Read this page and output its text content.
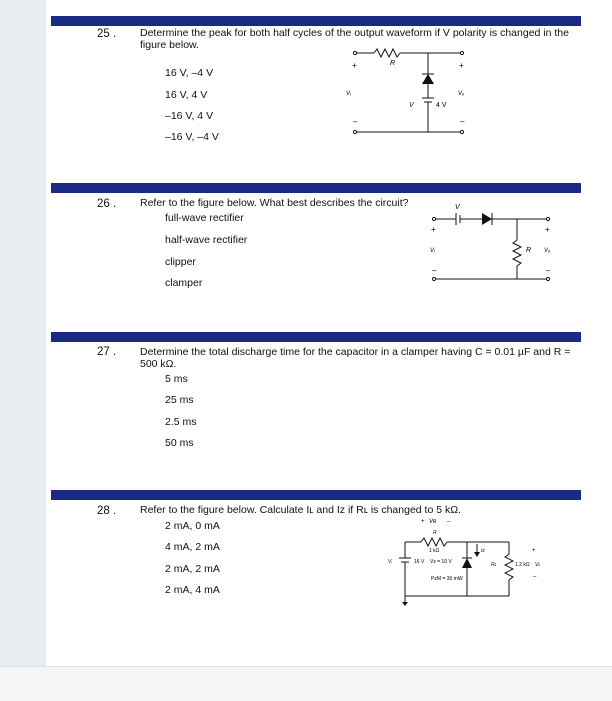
25 . Determine the peak for both half cycles of the output waveform if V polarity is changed in the figure below.
16 V, –4 V
16 V, 4 V
–16 V, 4 V
–16 V, –4 V
R
V	4 V
+
–
Vᵢ	Vₒ
+
–
26 . Refer to the figure below. What best describes the circuit?
full-wave rectifier
half-wave rectifier
clipper
clamper
V
R
+
–
Vᵢ	Vₒ
+
–
27 . Determine the total discharge time for the capacitor in a clamper having C = 0.01 µF and R = 500 kΩ.
5 ms
25 ms
2.5 ms
50 ms
28 . Refer to the figure below. Calculate Iʟ and Iᴢ if Rʟ is changed to 5 kΩ.
2 mA, 0 mA
4 mA, 2 mA
2 mA, 2 mA
2 mA, 4 mA
+ Vʀ –
R
1 kΩ	Iᴢ
Vᵢ	16 V Vᴢ = 10 V
PᴢM = 30 mW
Rʟ	1.2 kΩ Vʟ
+
–
